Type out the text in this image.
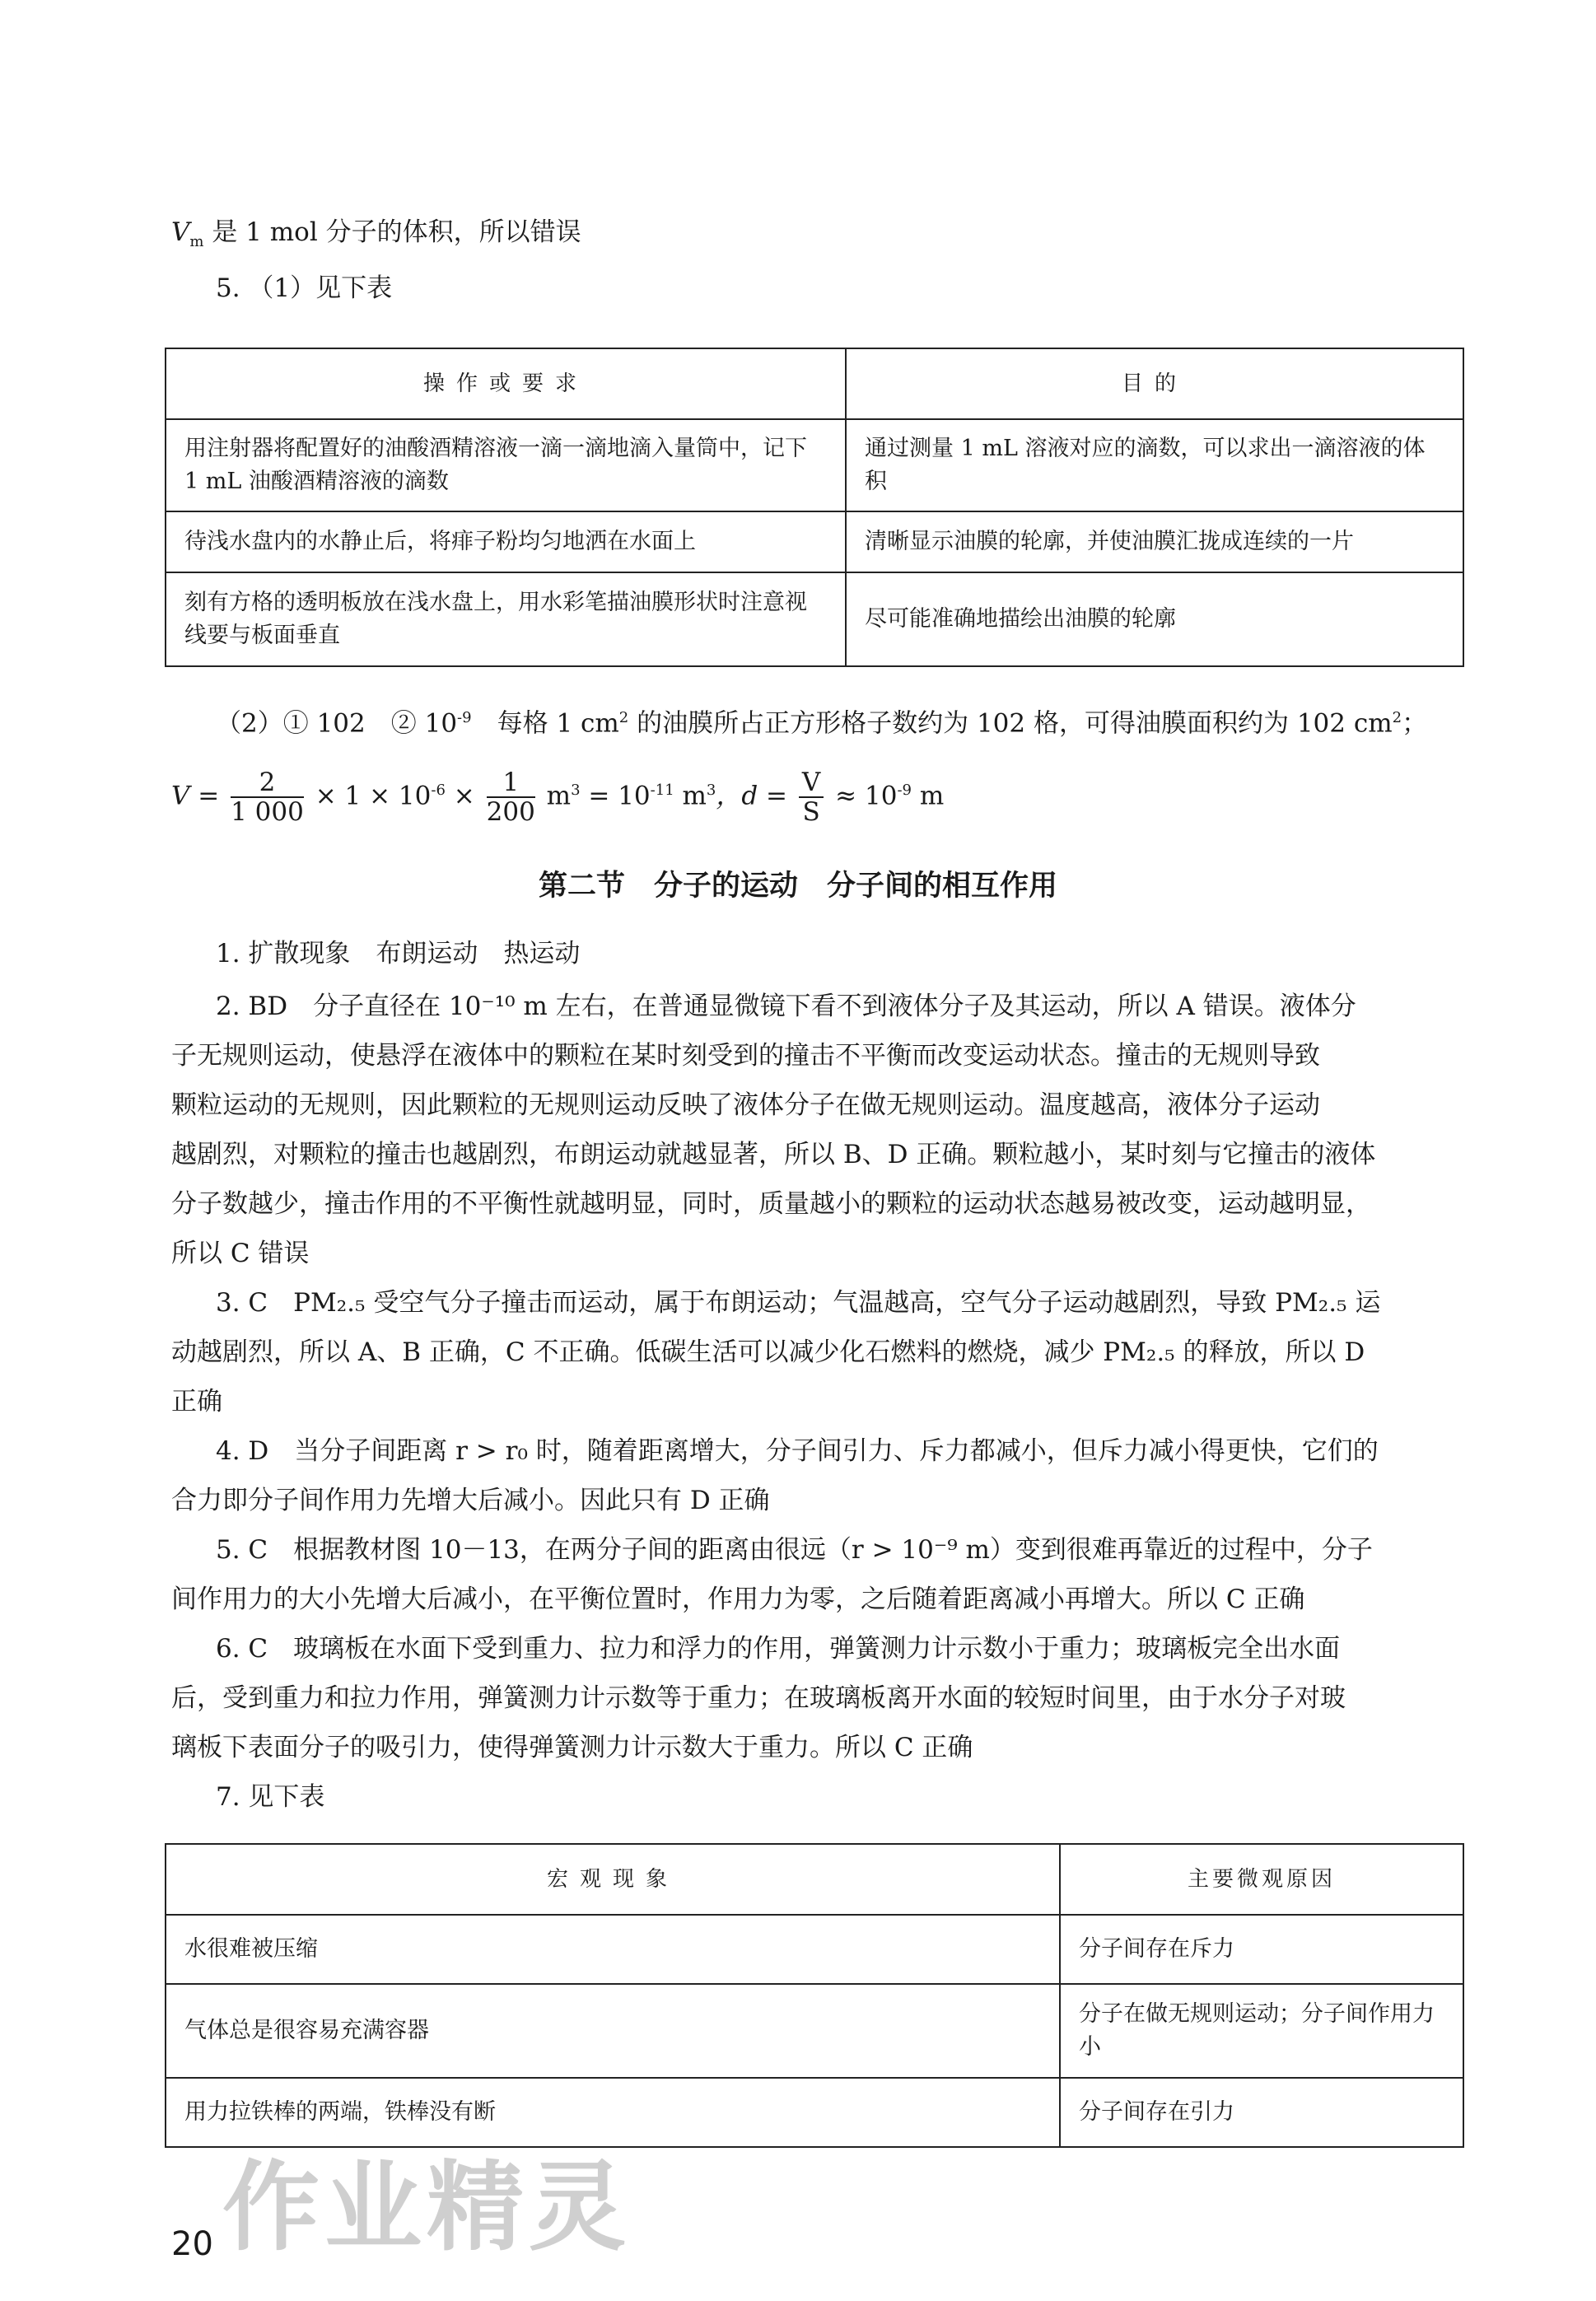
$V_m$ 是 1 mol 分子的体积，所以错误
5. （1）见下表
操作或要求	目的
用注射器将配置好的油酸酒精溶液一滴一滴地滴入量筒中，记下 1 mL 油酸酒精溶液的滴数	通过测量 1 mL 溶液对应的滴数，可以求出一滴溶液的体积
待浅水盘内的水静止后，将痱子粉均匀地洒在水面上	清晰显示油膜的轮廓，并使油膜汇拢成连续的一片
刻有方格的透明板放在浅水盘上，用水彩笔描油膜形状时注意视线要与板面垂直	尽可能准确地描绘出油膜的轮廓
（2）① 102　② $10^{-9}$　每格 1 $cm^2$ 的油膜所占正方形格子数约为 102 格，可得油膜面积约为 102 $cm^2$；
$V = \frac{2}{1 000} \times 1 \times 10^{-6} \times \frac{1}{200} m^3 = 10^{-11}$ $m^3$，$d = \frac{V}{S} \approx 10^{-9}$ m
第二节　分子的运动　分子间的相互作用
1. 扩散现象　布朗运动　热运动
2. BD　分子直径在 10⁻¹⁰ m 左右，在普通显微镜下看不到液体分子及其运动，所以 A 错误。液体分
子无规则运动，使悬浮在液体中的颗粒在某时刻受到的撞击不平衡而改变运动状态。撞击的无规则导致
颗粒运动的无规则，因此颗粒的无规则运动反映了液体分子在做无规则运动。温度越高，液体分子运动
越剧烈，对颗粒的撞击也越剧烈，布朗运动就越显著，所以 B、D 正确。颗粒越小，某时刻与它撞击的液体
分子数越少，撞击作用的不平衡性就越明显，同时，质量越小的颗粒的运动状态越易被改变，运动越明显，
所以 C 错误
3. C　PM₂.₅ 受空气分子撞击而运动，属于布朗运动；气温越高，空气分子运动越剧烈，导致 PM₂.₅ 运
动越剧烈，所以 A、B 正确，C 不正确。低碳生活可以减少化石燃料的燃烧，减少 PM₂.₅ 的释放，所以 D
正确
4. D　当分子间距离 r > r₀ 时，随着距离增大，分子间引力、斥力都减小，但斥力减小得更快，它们的
合力即分子间作用力先增大后减小。因此只有 D 正确
5. C　根据教材图 10－13，在两分子间的距离由很远（r > 10⁻⁹ m）变到很难再靠近的过程中，分子
间作用力的大小先增大后减小，在平衡位置时，作用力为零，之后随着距离减小再增大。所以 C 正确
6. C　玻璃板在水面下受到重力、拉力和浮力的作用，弹簧测力计示数小于重力；玻璃板完全出水面
后，受到重力和拉力作用，弹簧测力计示数等于重力；在玻璃板离开水面的较短时间里，由于水分子对玻
璃板下表面分子的吸引力，使得弹簧测力计示数大于重力。所以 C 正确
7. 见下表
宏观现象	主要微观原因
水很难被压缩	分子间存在斥力
气体总是很容易充满容器	分子在做无规则运动；分子间作用力小
用力拉铁棒的两端，铁棒没有断	分子间存在引力
作业精灵
20
